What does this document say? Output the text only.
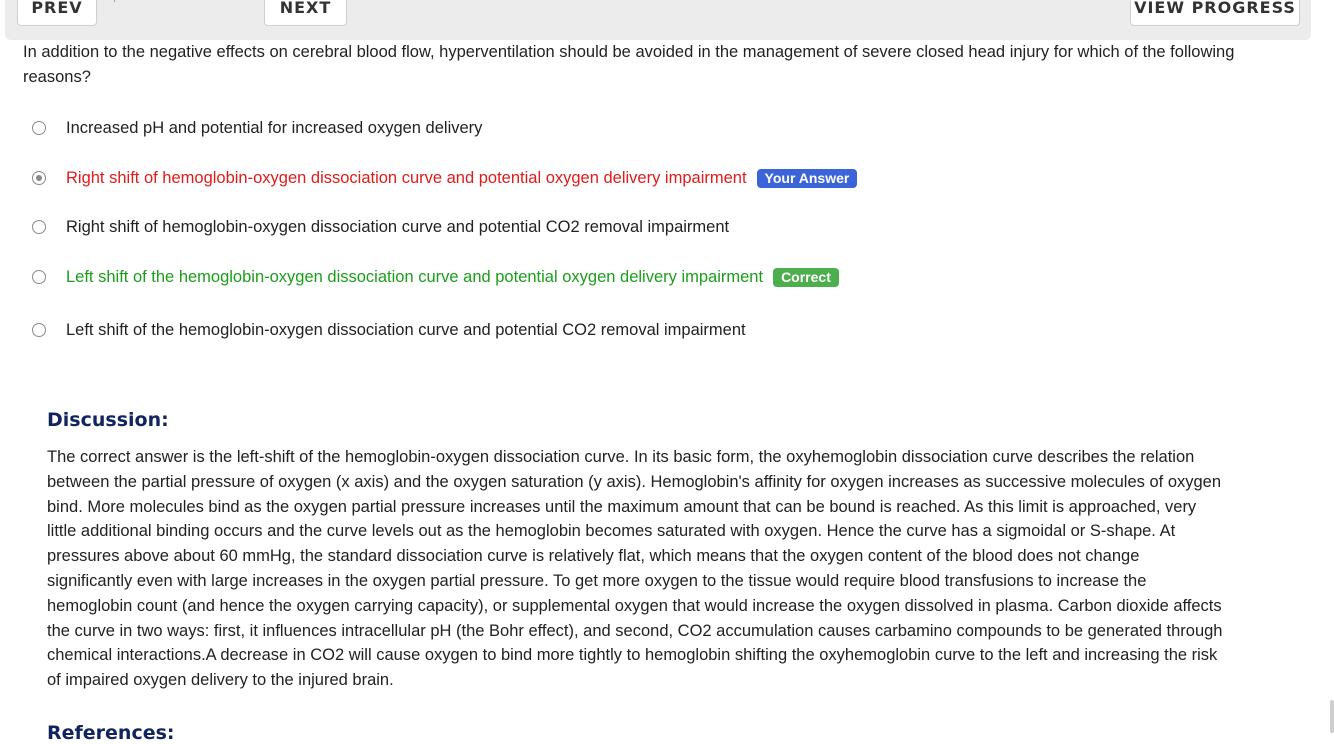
PREV	NEXT	VIEW PROGRESS
In addition to the negative effects on cerebral blood flow, hyperventilation should be avoided in the management of severe closed head injury for which of the following reasons?
Increased pH and potential for increased oxygen delivery
Right shift of hemoglobin-oxygen dissociation curve and potential oxygen delivery impairment	Your Answer
Right shift of hemoglobin-oxygen dissociation curve and potential CO2 removal impairment
Left shift of the hemoglobin-oxygen dissociation curve and potential oxygen delivery impairment	Correct
Left shift of the hemoglobin-oxygen dissociation curve and potential CO2 removal impairment
Discussion:
The correct answer is the left-shift of the hemoglobin-oxygen dissociation curve. In its basic form, the oxyhemoglobin dissociation curve describes the relation between the partial pressure of oxygen (x axis) and the oxygen saturation (y axis). Hemoglobin's affinity for oxygen increases as successive molecules of oxygen bind. More molecules bind as the oxygen partial pressure increases until the maximum amount that can be bound is reached. As this limit is approached, very little additional binding occurs and the curve levels out as the hemoglobin becomes saturated with oxygen. Hence the curve has a sigmoidal or S-shape. At pressures above about 60 mmHg, the standard dissociation curve is relatively flat, which means that the oxygen content of the blood does not change significantly even with large increases in the oxygen partial pressure. To get more oxygen to the tissue would require blood transfusions to increase the hemoglobin count (and hence the oxygen carrying capacity), or supplemental oxygen that would increase the oxygen dissolved in plasma. Carbon dioxide affects the curve in two ways: first, it influences intracellular pH (the Bohr effect), and second, CO2 accumulation causes carbamino compounds to be generated through chemical interactions.A decrease in CO2 will cause oxygen to bind more tightly to hemoglobin shifting the oxyhemoglobin curve to the left and increasing the risk of impaired oxygen delivery to the injured brain.
References:
